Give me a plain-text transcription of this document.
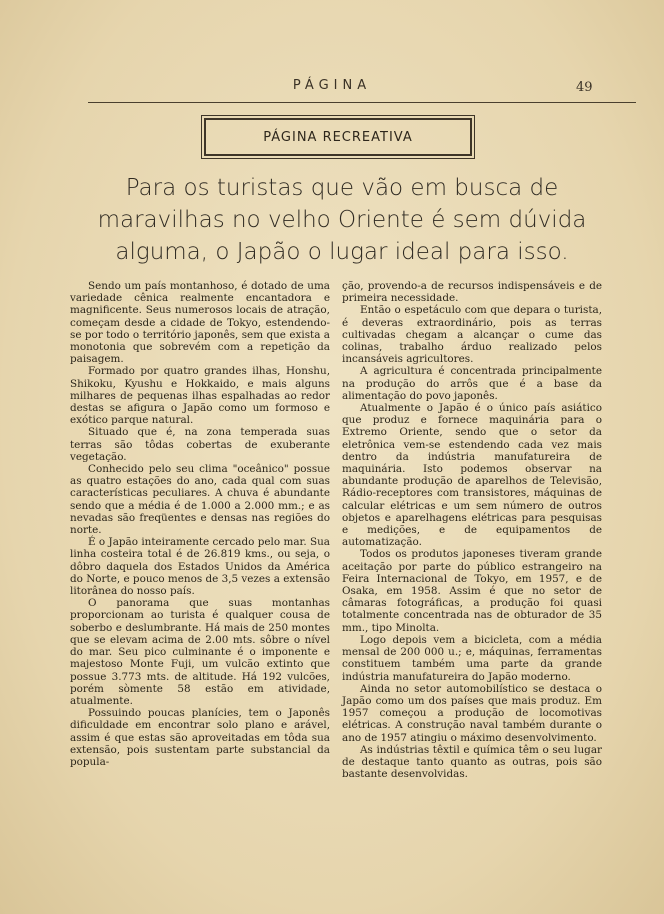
PÁGINA	49
PÁGINA RECREATIVA
Para os turistas que vão em busca de maravilhas no velho Oriente é sem dúvida alguma, o Japão o lugar ideal para isso.

Sendo um país montanhoso, é dotado de uma variedade cênica realmente encantadora e magnificente. Seus numerosos locais de atração, começam desde a cidade de Tokyo, estendendo-se por todo o território japonês, sem que exista a monotonia que sobrevém com a repetição da paisagem.

Formado por quatro grandes ilhas, Honshu, Shikoku, Kyushu e Hokkaido, e mais alguns milhares de pequenas ilhas espalhadas ao redor destas se afigura o Japão como um formoso e exótico parque natural.

Situado que é, na zona temperada suas terras são tôdas cobertas de exuberante vegetação.

Conhecido pelo seu clima "oceânico" possue as quatro estações do ano, cada qual com suas características peculiares. A chuva é abundante sendo que a média é de 1.000 a 2.000 mm.; e as nevadas são freqüentes e densas nas regiões do norte.

É o Japão inteiramente cercado pelo mar. Sua linha costeira total é de 26.819 kms., ou seja, o dôbro daquela dos Estados Unidos da América do Norte, e pouco menos de 3,5 vezes a extensão litorânea do nosso país.

O panorama que suas montanhas proporcionam ao turista é qualquer cousa de soberbo e deslumbrante. Há mais de 250 montes que se elevam acima de 2.00 mts. sôbre o nível do mar. Seu pico culminante é o imponente e majestoso Monte Fuji, um vulcão extinto que possue 3.773 mts. de altitude. Há 192 vulcões, porém sòmente 58 estão em atividade, atualmente.

Possuindo poucas planícies, tem o Japonês dificuldade em encontrar solo plano e arável, assim é que estas são aproveitadas em tôda sua extensão, pois sustentam parte substancial da popula-

ção, provendo-a de recursos indispensáveis e de primeira necessidade.

Então o espetáculo com que depara o turista, é deveras extraordinário, pois as terras cultivadas chegam a alcançar o cume das colinas, trabalho árduo realizado pelos incansáveis agricultores.

A agricultura é concentrada principalmente na produção do arrôs que é a base da alimentação do povo japonês.

Atualmente o Japão é o único país asiático que produz e fornece maquinária para o Extremo Oriente, sendo que o setor da eletrônica vem-se estendendo cada vez mais dentro da indústria manufatureira de maquinária. Isto podemos observar na abundante produção de aparelhos de Televisão, Rádio-receptores com transistores, máquinas de calcular elétricas e um sem número de outros objetos e aparelhagens elétricas para pesquisas e medições, e de equipamentos de automatização.

Todos os produtos japoneses tiveram grande aceitação por parte do público estrangeiro na Feira Internacional de Tokyo, em 1957, e de Osaka, em 1958. Assim é que no setor de câmaras fotográficas, a produção foi quasi totalmente concentrada nas de obturador de 35 mm., tipo Minolta.

Logo depois vem a bicicleta, com a média mensal de 200 000 u.; e, máquinas, ferramentas constituem também uma parte da grande indústria manufatureira do Japão moderno.

Ainda no setor automobilístico se destaca o Japão como um dos países que mais produz. Em 1957 começou a produção de locomotivas elétricas. A construção naval também durante o ano de 1957 atingiu o máximo desenvolvimento.

As indústrias têxtil e química têm o seu lugar de destaque tanto quanto as outras, pois são bastante desenvolvidas.
